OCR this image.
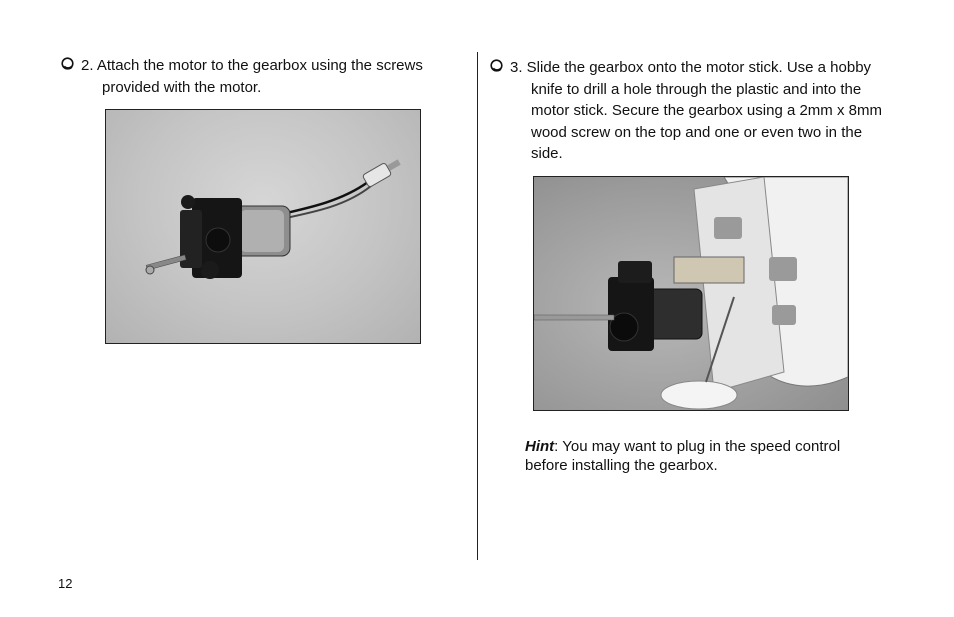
2. Attach the motor to the gearbox using the screws provided with the motor.
3. Slide the gearbox onto the motor stick. Use a hobby knife to drill a hole through the plastic and into the motor stick. Secure the gearbox using a 2mm x 8mm wood screw on the top and one or even two in the side.
Hint: You may want to plug in the speed control before installing the gearbox.
12
